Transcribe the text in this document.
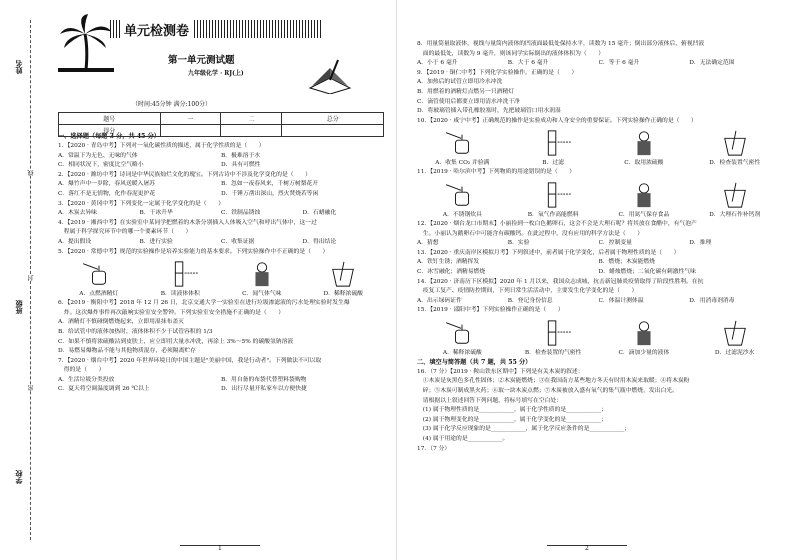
姓名
班级
学校
线
封
密
单元检测卷
第一单元测试题
九年级化学 · RJ(上)
（时间:45分钟 满分:100分）
题号	一	二	总分
得分			
一、选择题（每题 3 分，共 45 分）
1．【2020 · 青岛中考】下列对一氧化碳性质的描述，属于化学性质的是（　　）
A．常温下为无色、无味的气体	B．极难溶于水
C．相同状况下，密度比空气略小	D．具有可燃性
2．【2020 · 潍坊中考】诗词是中华民族灿烂文化的瑰宝。下列古诗中不涉及化学变化的是（　　）
A．爆竹声中一岁除，春风送暖入屠苏	B．忽如一夜春风来，千树万树梨花开
C．落红不是无情物，化作春泥更护花	D．千锤万凿出深山，烈火焚烧若等闲
3．【2020 · 黄冈中考】下列变化一定属于化学变化的是（　　）
A．木炭去异味	B．干冰升华	C．铁制品锈蚀	D．石蜡融化
4．【2019 · 湘西中考】在实验室中某同学把燃着的木条分别插入人体吸入空气和呼出气体中，这一过
　程属于科学探究环节中的哪一个要素环节（　　）
A．提出假设	B．进行实验	C．收集证据	D．得出结论
5．【2020 · 常德中考】规范的实验操作是培养实验能力的基本要求。下列实验操作中不正确的是（　　）
A．点燃酒精灯	B．读液体体积	C．闻气体气味	D．稀释浓硫酸
6．【2019 · 衡阳中考】2018 年 12 月 26 日，北京交通大学一实验室在进行垃圾渗滤液的污水处理实验时发生爆
　炸。这次爆炸事件再次敲响实验室安全警钟。下列实验室安全措施不正确的是（　　）
A．酒精灯不慎碰倒燃烧起来，立即用湿抹布盖灭
B．给试管中的液体加热时，液体体积不少于试管容积的 1/3
C．如果不慎将浓硫酸沾到皮肤上，应立即用大量水冲洗，再涂上 3%～5% 的碳酸氢钠溶液
D．易燃易爆物品不能与其他物质混存，必须隔离贮存
7．【2020 · 烟台中考】2020 年世界环境日的中国主题是"美丽中国，我是行动者"。下列做法不可以取
　得的是（　　）
A．生活垃圾分类投放	B．用自备的布袋代替塑料袋购物
C．夏天将空调温度调到 26 ℃以上	D．出行尽量开私家车以方便快捷
1
8．用量筒量取液体，视线与量筒内液体的凹液面最低处保持水平，读数为 15 毫升；倒出部分液体后，俯视凹液
　面的最低处，读数为 9 毫升，则该同学实际倒出的液体体积为（　　）
A．小于 6 毫升	B．大于 6 毫升	C．等于 6 毫升	D．无法确定范围
9．【2019 · 铜仁中考】下列化学实验操作，正确的是（　　）
A．加热后的试管立即用冷水冲洗
B．用燃着的酒精灯点燃另一只酒精灯
C．滴管使用后都要立即用清水冲洗干净
D．将玻璃管插入带孔橡胶塞时，先把玻璃管口用水润湿
10．【2020 · 咸宁中考】正确规范的操作是实验成功和人身安全的重要保证。下列实验操作正确的是（　　）
A．收集 CO₂ 并验满	B．过滤	C．取用浓硫酸	D．检查装置气密性
11．【2019 · 哈尔滨中考】下列物质的用途错误的是（　　）
A．不锈钢炊具	B．氧气作高能燃料	C．用氮气保存食品	D．大理石作补钙剂
12．【2020 · 烟台龙口市期末】小丽捡到一枚白色鹅卵石，这会不会是大理石呢？将其放在食醋中，有气泡产
　生。小丽认为鹅卵石中可能含有碳酸钙。在此过程中，没有应用的科学方法是（　　）
A．猜想	B．实验	C．控制变量	D．推理
13．【2020 · 重庆南岸区模拟月考】下列叙述中，前者属于化学变化，后者属于物理性质的是（　　）
A．铁钉生锈；酒精挥发	B．燃烧；木炭能燃烧
C．冰雪融化；酒精易燃烧	D．蜡烛燃烧；二氧化碳有刺激性气味
14．【2020 · 济南历下区模拟】2020 年 1 月以来，我国众志成城，抗击新冠肺炎疫情取得了阶段性胜利。在抗
　疫复工复产、疫情防控期间，下列日常生活活动中，主要发生化学变化的是（　　）
A．出示绿码证件	B．登记身份信息	C．体温计测体温	D．用消毒剂消毒
15．【2019 · 邵阳中考】下列实验操作正确的是（　　）
A．稀释浓硫酸	B．检查装置的气密性	C．滴加少量的液体	D．过滤泥沙水
二、填空与简答题（共 7 题，共 55 分）
16．（7 分）【2019 · 鞍山铁东区期中】下列是有关木炭的叙述：
　①木炭是灰黑色多孔性固体；②木炭能燃烧；③在我国南方某些地方冬天有时用木炭来取暖；④将木炭粉
　碎；⑤木炭可制成黑火药；⑥取一块木炭点燃；⑦木炭被放入盛有氧气的集气瓶中燃烧，发出白光。
　请根据以上叙述回答下列问题，将标号填写在空白处：
　(1) 属于物理性质的是____________，属于化学性质的是____________；
　(2) 属于物理变化的是____________，属于化学变化的是____________；
　(3) 属于化学反应现象的是____________，属于化学反应条件的是____________；
　(4) 属于用途的是____________。
17．（7 分）
2
